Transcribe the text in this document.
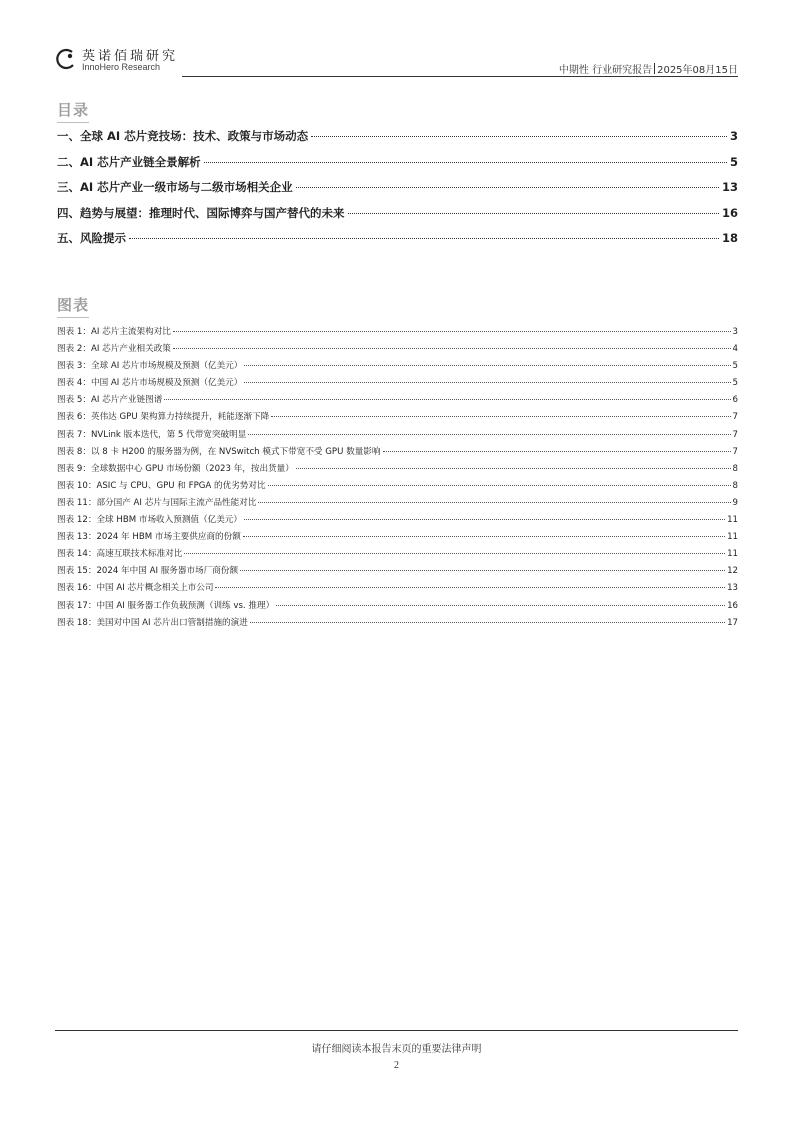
英诺佰瑞研究
InnoHero Research	中期性 行业研究报告 2025年08月15日
目录
一、全球 AI 芯片竞技场：技术、政策与市场动态	3
二、AI 芯片产业链全景解析	5
三、AI 芯片产业一级市场与二级市场相关企业	13
四、趋势与展望：推理时代、国际博弈与国产替代的未来	16
五、风险提示	18
图表
图表 1：AI 芯片主流架构对比	3
图表 2：AI 芯片产业相关政策	4
图表 3：全球 AI 芯片市场规模及预测（亿美元）	5
图表 4：中国 AI 芯片市场规模及预测（亿美元）	5
图表 5：AI 芯片产业链图谱	6
图表 6：英伟达 GPU 架构算力持续提升，耗能逐渐下降	7
图表 7：NVLink 版本迭代，第 5 代带宽突破明显	7
图表 8：以 8 卡 H200 的服务器为例，在 NVSwitch 模式下带宽不受 GPU 数量影响	7
图表 9：全球数据中心 GPU 市场份额（2023 年，按出货量）	8
图表 10：ASIC 与 CPU、GPU 和 FPGA 的优劣势对比	8
图表 11：部分国产 AI 芯片与国际主流产品性能对比	9
图表 12：全球 HBM 市场收入预测值（亿美元）	11
图表 13：2024 年 HBM 市场主要供应商的份额	11
图表 14：高速互联技术标准对比	11
图表 15：2024 年中国 AI 服务器市场厂商份额	12
图表 16：中国 AI 芯片概念相关上市公司	13
图表 17：中国 AI 服务器工作负载预测（训练 vs. 推理）	16
图表 18：美国对中国 AI 芯片出口管制措施的演进	17
请仔细阅读本报告末页的重要法律声明
2
